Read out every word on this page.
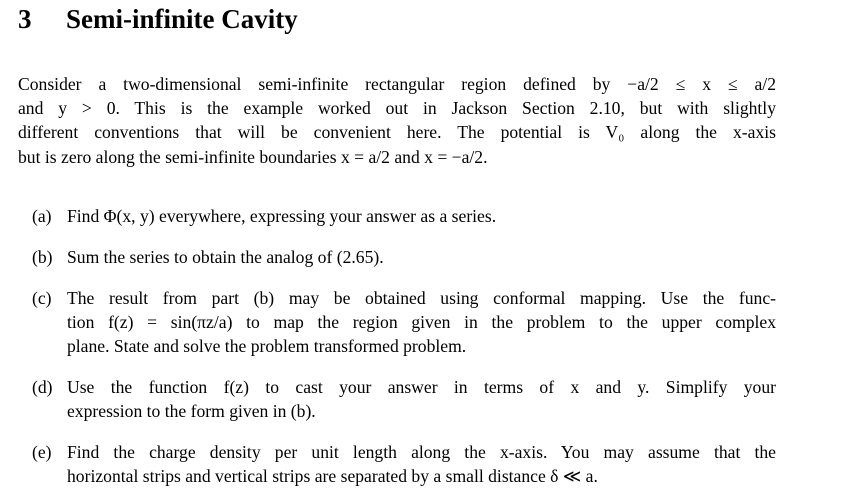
3 Semi-infinite Cavity

Consider a two-dimensional semi-infinite rectangular region defined by −a/2 ≤ x ≤ a/2
and y > 0. This is the example worked out in Jackson Section 2.10, but with slightly
different conventions that will be convenient here. The potential is V₀ along the x-axis
but is zero along the semi-infinite boundaries x = a/2 and x = −a/2.

(a) Find Φ(x, y) everywhere, expressing your answer as a series.
(b) Sum the series to obtain the analog of (2.65).
(c) The result from part (b) may be obtained using conformal mapping. Use the func-
tion f(z) = sin(πz/a) to map the region given in the problem to the upper complex
plane. State and solve the problem transformed problem.
(d) Use the function f(z) to cast your answer in terms of x and y. Simplify your
expression to the form given in (b).
(e) Find the charge density per unit length along the x-axis. You may assume that the
horizontal strips and vertical strips are separated by a small distance δ ≪ a.
